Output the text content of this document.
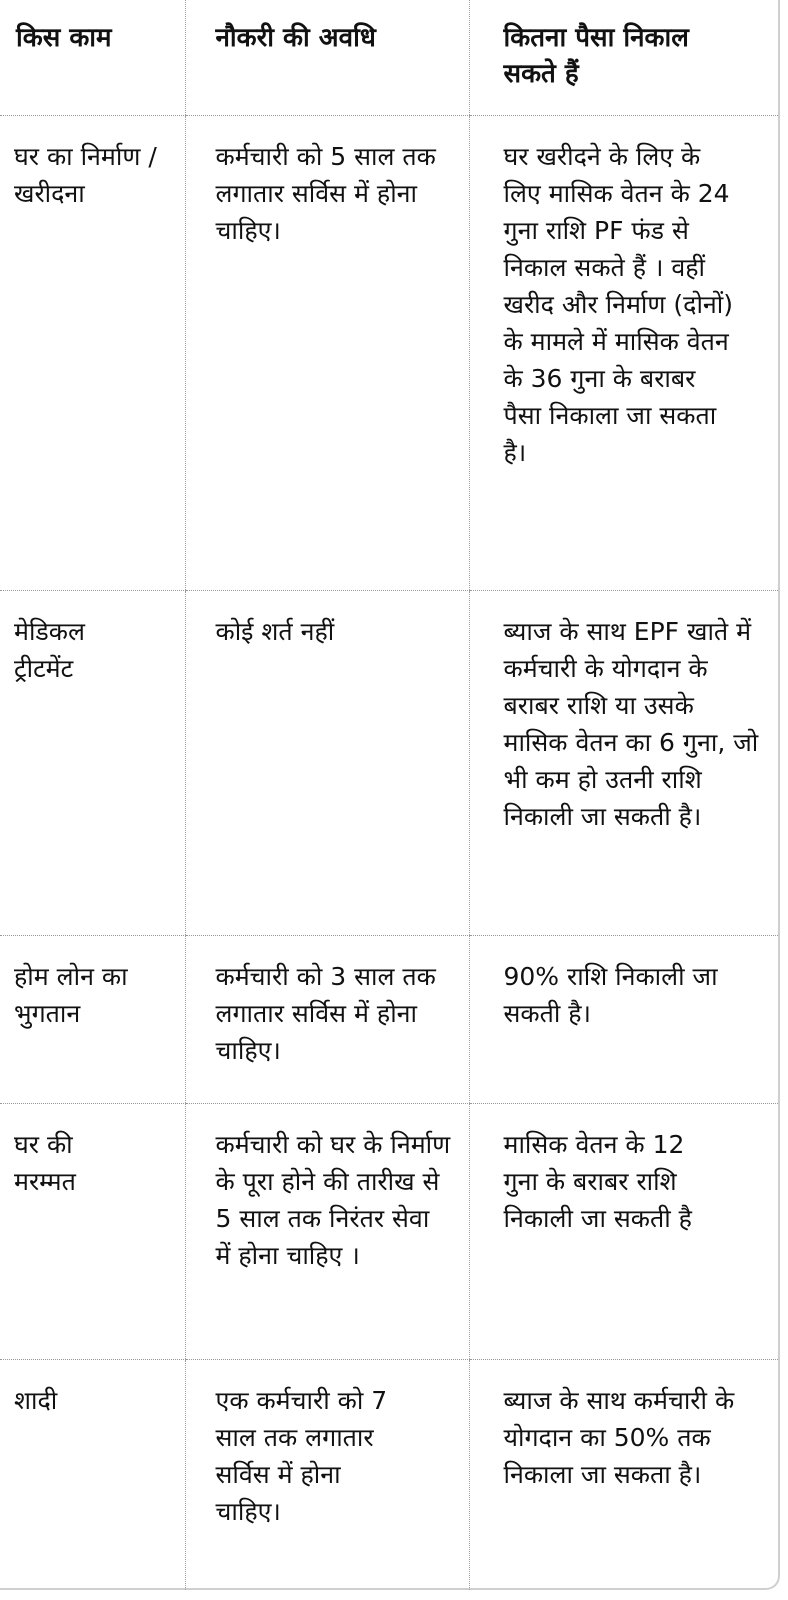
किस काम	नौकरी की अवधि	कितना पैसा निकाल सकते हैं

घर का निर्माण / खरीदना	कर्मचारी को 5 साल तक लगातार सर्विस में होना चाहिए।	घर खरीदने के लिए के लिए मासिक वेतन के 24 गुना राशि PF फंड से निकाल सकते हैं । वहीं खरीद और निर्माण (दोनों) के मामले में मासिक वेतन के 36 गुना के बराबर पैसा निकाला जा सकता है।

मेडिकल ट्रीटमेंट	कोई शर्त नहीं	ब्याज के साथ EPF खाते में कर्मचारी के योगदान के बराबर राशि या उसके मासिक वेतन का 6 गुना, जो भी कम हो उतनी राशि निकाली जा सकती है।

होम लोन का भुगतान	कर्मचारी को 3 साल तक लगातार सर्विस में होना चाहिए।	90% राशि निकाली जा सकती है।

घर की मरम्मत	कर्मचारी को घर के निर्माण के पूरा होने की तारीख से 5 साल तक निरंतर सेवा में होना चाहिए ।	मासिक वेतन के 12 गुना के बराबर राशि निकाली जा सकती है

शादी	एक कर्मचारी को 7 साल तक लगातार सर्विस में होना चाहिए।	ब्याज के साथ कर्मचारी के योगदान का 50% तक निकाला जा सकता है।
